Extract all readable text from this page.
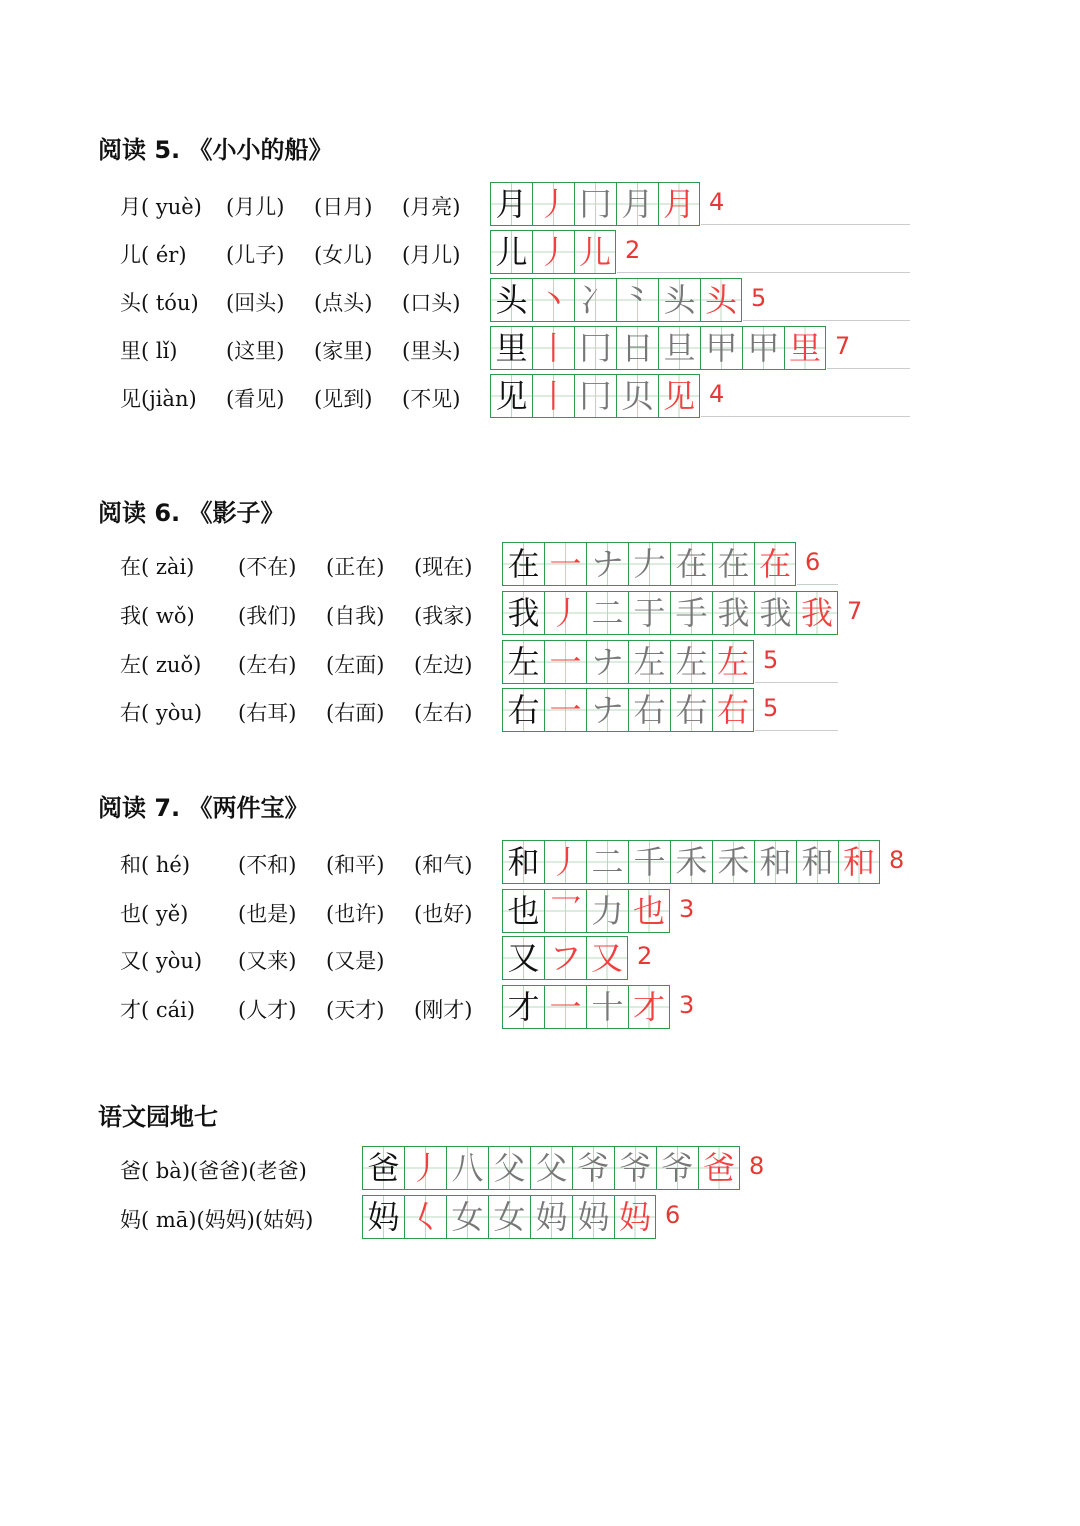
阅读 5. 《小小的船》
月( yuè) (月儿) (日月) (月亮) 月 丿 冂 月 月 4
儿( ér) (儿子) (女儿) (月儿) 儿 丿 儿 2
头( tóu) (回头) (点头) (口头) 头 丶 冫 ⺀ 头 头 5
里( lǐ) (这里) (家里) (里头) 里 丨 冂 日 旦 甲 甲 里 7
见(jiàn) (看见) (见到) (不见) 见 丨 冂 贝 见 4
阅读 6. 《影子》
在( zài) (不在) (正在) (现在) 在 一 ナ 𠂇 在 在 在 6
我( wǒ) (我们) (自我) (我家) 我 丿 二 于 手 我 我 我 7
左( zuǒ) (左右) (左面) (左边) 左 一 ナ 左 左 左 5
右( yòu) (右耳) (右面) (左右) 右 一 ナ 右 右 右 5
阅读 7. 《两件宝》
和( hé) (不和) (和平) (和气) 和 丿 二 千 禾 禾 和 和 和 8
也( yě) (也是) (也许) (也好) 也 乛 力 也 3
又( yòu) (又来) (又是)	又 フ 又 2
才( cái) (人才) (天才) (刚才) 才 一 十 才 3
语文园地七
爸( bà)(爸爸)(老爸) 爸 丿 八 父 父 爷 爷 爷 爸 8
妈( mā)(妈妈)(姑妈) 妈 𡿨 女 女 妈 妈 妈 6
